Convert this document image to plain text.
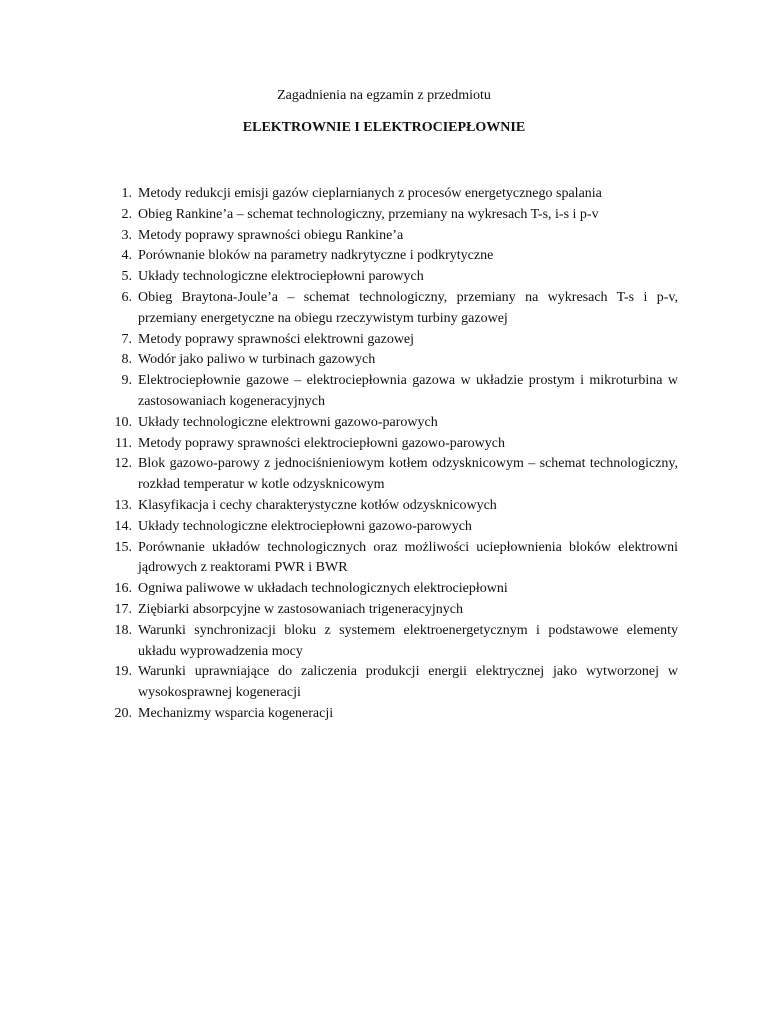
Zagadnienia na egzamin z przedmiotu
ELEKTROWNIE I ELEKTROCIEPŁOWNIE
1. Metody redukcji emisji gazów cieplarnianych z procesów energetycznego spalania
2. Obieg Rankine’a – schemat technologiczny, przemiany na wykresach T-s, i-s i p-v
3. Metody poprawy sprawności obiegu Rankine’a
4. Porównanie bloków na parametry nadkrytyczne i podkrytyczne
5. Układy technologiczne elektrociepłowni parowych
6. Obieg Braytona-Joule’a – schemat technologiczny, przemiany na wykresach T-s i p-v, przemiany energetyczne na obiegu rzeczywistym turbiny gazowej
7. Metody poprawy sprawności elektrowni gazowej
8. Wodór jako paliwo w turbinach gazowych
9. Elektrociepłownie gazowe – elektrociepłownia gazowa w układzie prostym i mikroturbina w zastosowaniach kogeneracyjnych
10. Układy technologiczne elektrowni gazowo-parowych
11. Metody poprawy sprawności elektrociepłowni gazowo-parowych
12. Blok gazowo-parowy z jednociśnieniowym kotłem odzysknicowym – schemat technologiczny, rozkład temperatur w kotle odzysknicowym
13. Klasyfikacja i cechy charakterystyczne kotłów odzysknicowych
14. Układy technologiczne elektrociepłowni gazowo-parowych
15. Porównanie układów technologicznych oraz możliwości uciepłownienia bloków elektrowni jądrowych z reaktorami PWR i BWR
16. Ogniwa paliwowe w układach technologicznych elektrociepłowni
17. Ziębiarki absorpcyjne w zastosowaniach trigeneracyjnych
18. Warunki synchronizacji bloku z systemem elektroenergetycznym i podstawowe elementy układu wyprowadzenia mocy
19. Warunki uprawniające do zaliczenia produkcji energii elektrycznej jako wytworzonej w wysokosprawnej kogeneracji
20. Mechanizmy wsparcia kogeneracji
